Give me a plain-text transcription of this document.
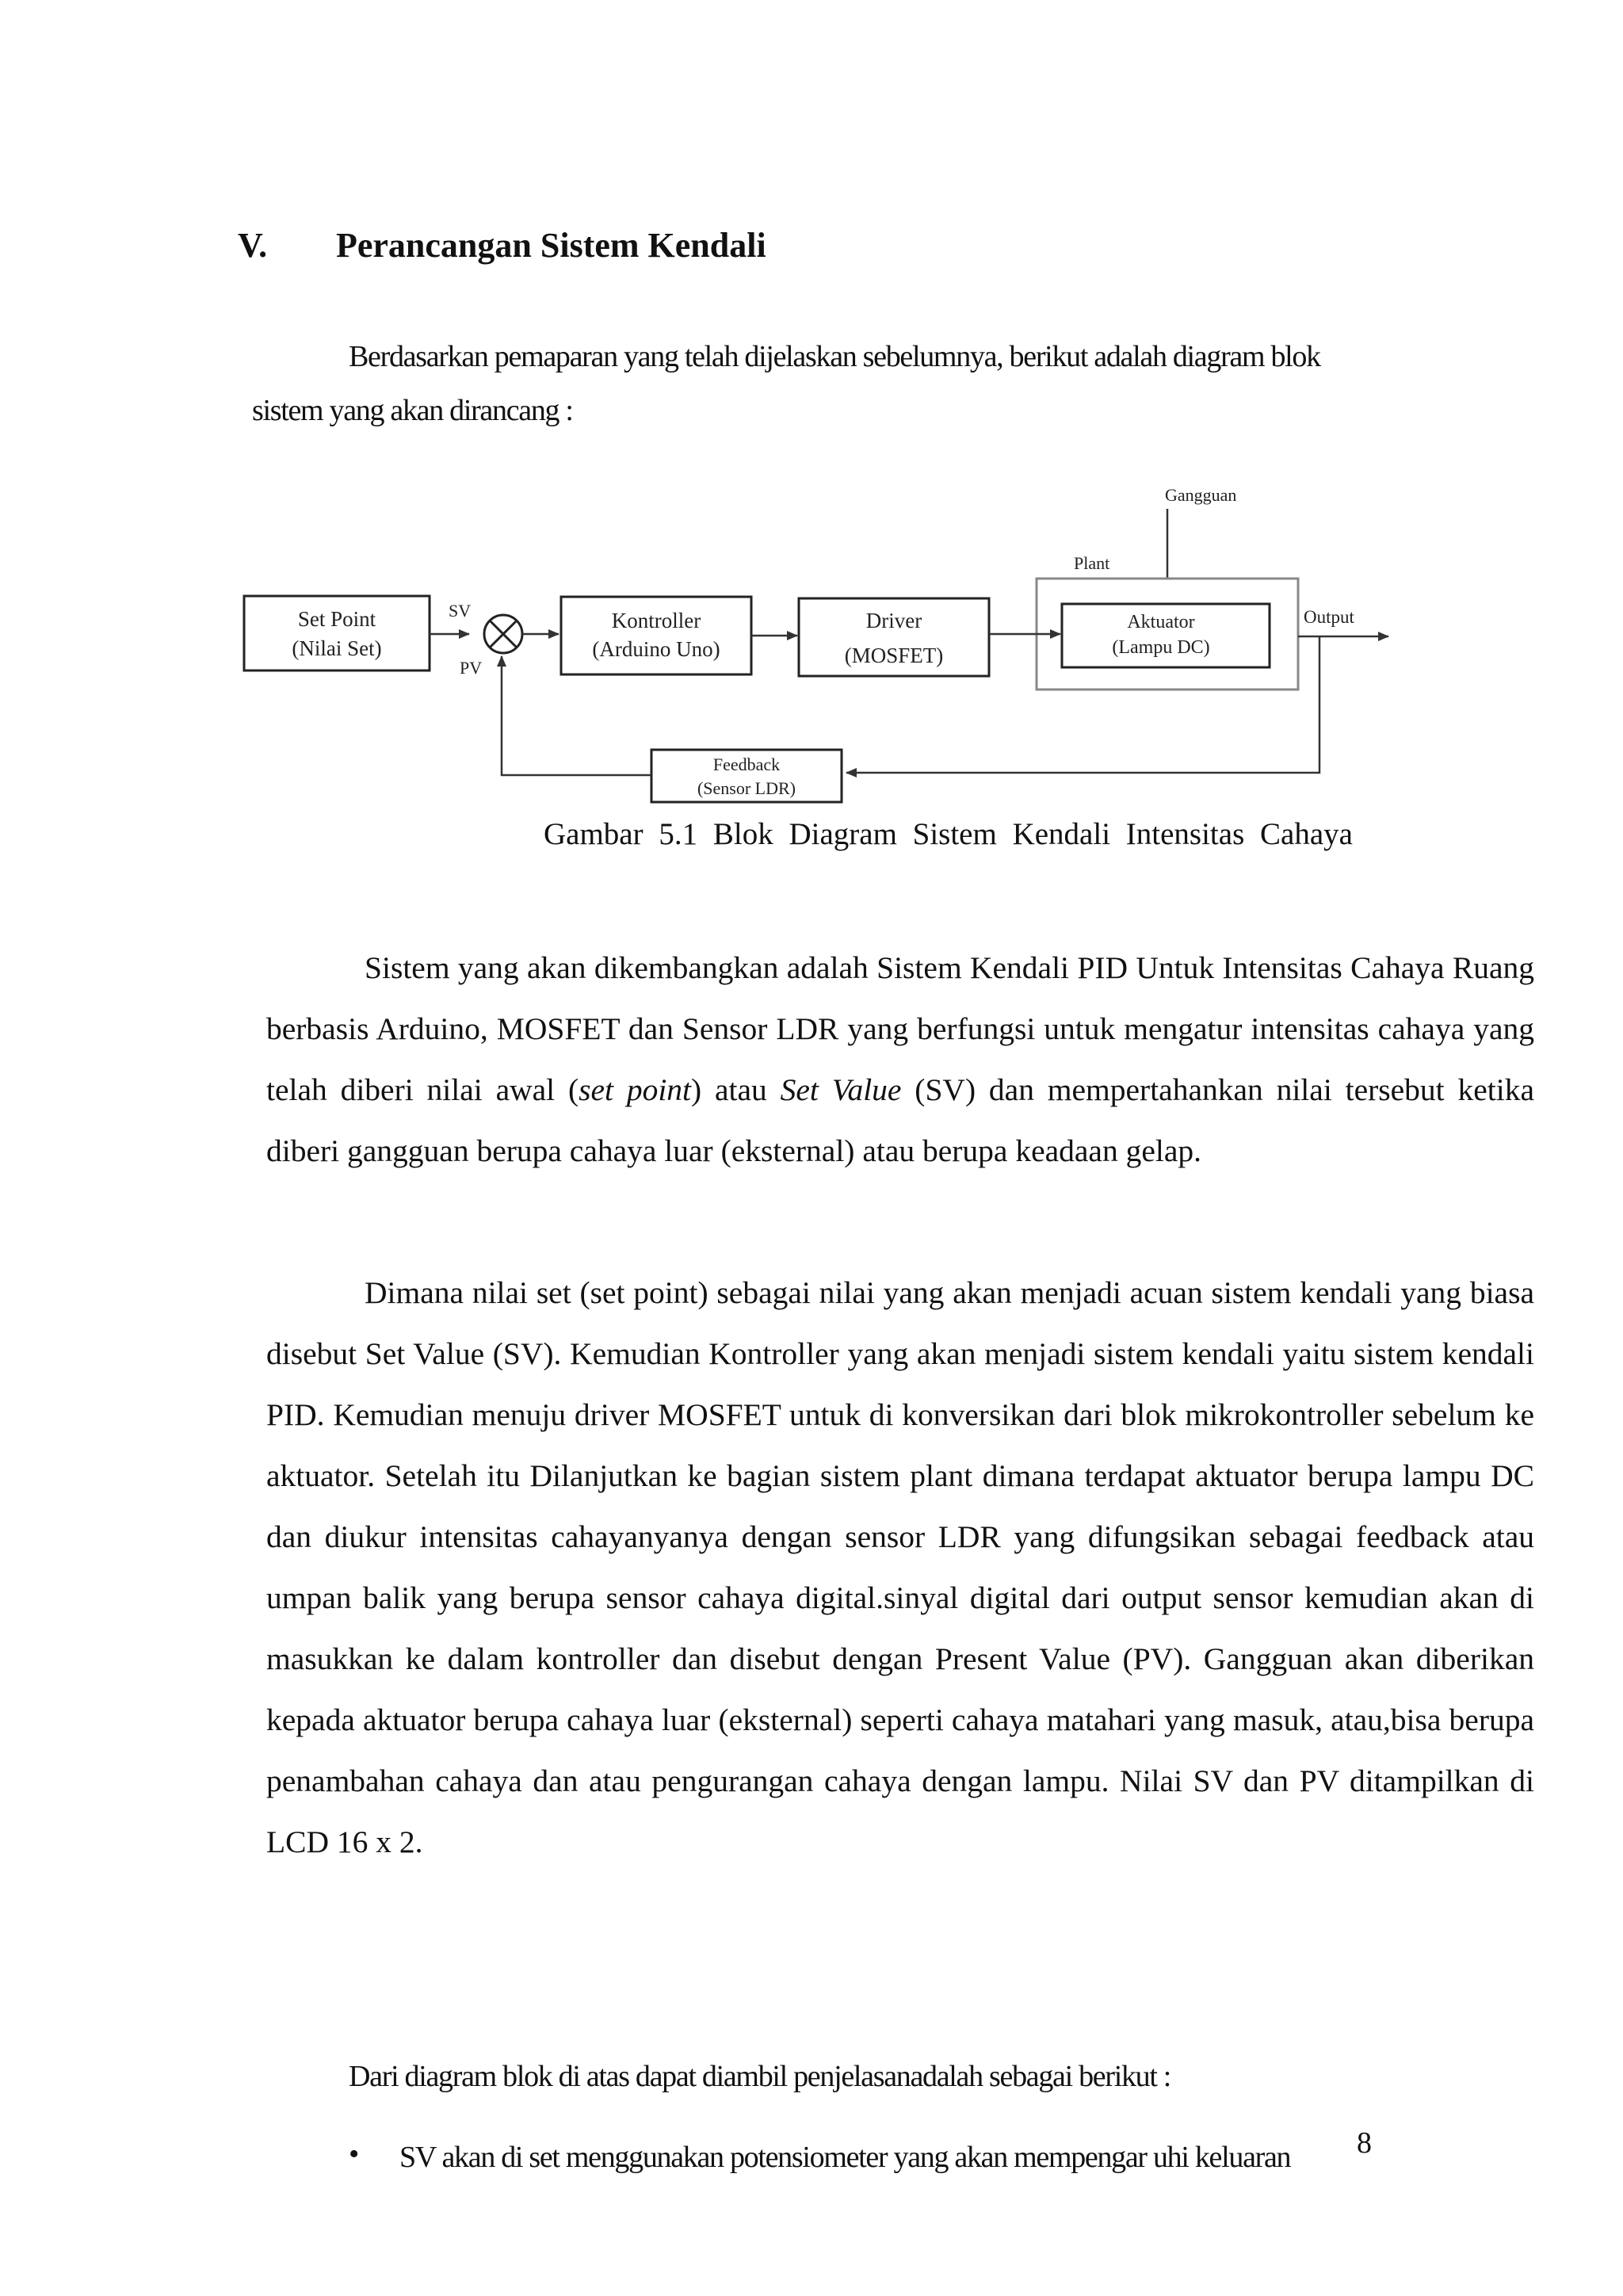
V. Perancangan Sistem Kendali
Berdasarkan pemaparan yang telah dijelaskan sebelumnya, berikut adalah diagram blok
sistem yang akan dirancang :
Gangguan
Plant
Set Point
(Nilai Set)
SV
PV
Kontroller
(Arduino Uno)
Driver
(MOSFET)
Aktuator
(Lampu DC)
Output
Feedback
(Sensor LDR)
Gambar 5.1 Blok Diagram Sistem Kendali Intensitas Cahaya

Sistem yang akan dikembangkan adalah Sistem Kendali PID Untuk Intensitas Cahaya Ruang berbasis Arduino, MOSFET dan Sensor LDR yang berfungsi untuk mengatur intensitas cahaya yang telah diberi nilai awal (set point) atau Set Value (SV) dan mempertahankan nilai tersebut ketika diberi gangguan berupa cahaya luar (eksternal) atau berupa keadaan gelap.

Dimana nilai set (set point) sebagai nilai yang akan menjadi acuan sistem kendali yang biasa disebut Set Value (SV). Kemudian Kontroller yang akan menjadi sistem kendali yaitu sistem kendali PID. Kemudian menuju driver MOSFET untuk di konversikan dari blok mikrokontroller sebelum ke aktuator. Setelah itu Dilanjutkan ke bagian sistem plant dimana terdapat aktuator berupa lampu DC dan diukur intensitas cahayanyanya dengan sensor LDR yang difungsikan sebagai feedback atau umpan balik yang berupa sensor cahaya digital.sinyal digital dari output sensor kemudian akan di masukkan ke dalam kontroller dan disebut dengan Present Value (PV). Gangguan akan diberikan kepada aktuator berupa cahaya luar (eksternal) seperti cahaya matahari yang masuk, atau,bisa berupa penambahan cahaya dan atau pengurangan cahaya dengan lampu. Nilai SV dan PV ditampilkan di LCD 16 x 2.

Dari diagram blok di atas dapat diambil penjelasanadalah sebagai berikut :
• SV akan di set menggunakan potensiometer yang akan mempengar uhi keluaran 8
